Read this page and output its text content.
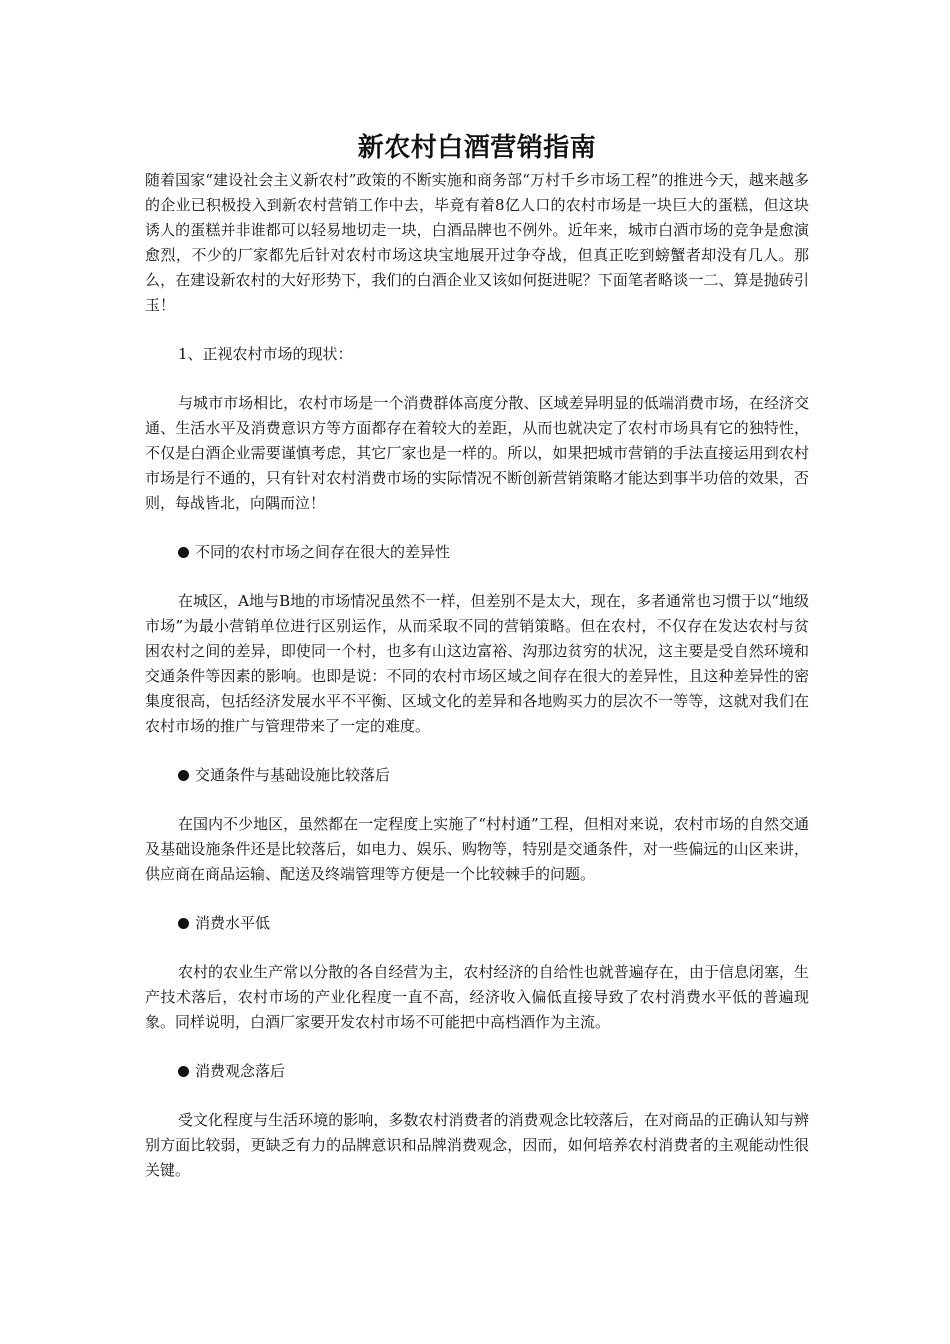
新农村白酒营销指南

随着国家“建设社会主义新农村”政策的不断实施和商务部“万村千乡市场工程”的推进今天，越来越多的企业已积极投入到新农村营销工作中去，毕竟有着8亿人口的农村市场是一块巨大的蛋糕，但这块诱人的蛋糕并非谁都可以轻易地切走一块，白酒品牌也不例外。近年来，城市白酒市场的竞争是愈演愈烈，不少的厂家都先后针对农村市场这块宝地展开过争夺战，但真正吃到螃蟹者却没有几人。那么，在建设新农村的大好形势下，我们的白酒企业又该如何挺进呢？下面笔者略谈一二、算是抛砖引玉！

1、正视农村市场的现状：

与城市市场相比，农村市场是一个消费群体高度分散、区域差异明显的低端消费市场，在经济交通、生活水平及消费意识方等方面都存在着较大的差距，从而也就决定了农村市场具有它的独特性，不仅是白酒企业需要谨慎考虑，其它厂家也是一样的。所以，如果把城市营销的手法直接运用到农村市场是行不通的，只有针对农村消费市场的实际情况不断创新营销策略才能达到事半功倍的效果，否则，每战皆北，向隅而泣！

不同的农村市场之间存在很大的差异性

在城区，A地与B地的市场情况虽然不一样，但差别不是太大，现在，多者通常也习惯于以“地级市场”为最小营销单位进行区别运作，从而采取不同的营销策略。但在农村，不仅存在发达农村与贫困农村之间的差异，即使同一个村，也多有山这边富裕、沟那边贫穷的状况，这主要是受自然环境和交通条件等因素的影响。也即是说：不同的农村市场区域之间存在很大的差异性，且这种差异性的密集度很高，包括经济发展水平不平衡、区域文化的差异和各地购买力的层次不一等等，这就对我们在农村市场的推广与管理带来了一定的难度。

交通条件与基础设施比较落后

在国内不少地区，虽然都在一定程度上实施了“村村通”工程，但相对来说，农村市场的自然交通及基础设施条件还是比较落后，如电力、娱乐、购物等，特别是交通条件，对一些偏远的山区来讲，供应商在商品运输、配送及终端管理等方便是一个比较棘手的问题。

消费水平低

农村的农业生产常以分散的各自经营为主，农村经济的自给性也就普遍存在，由于信息闭塞，生产技术落后，农村市场的产业化程度一直不高，经济收入偏低直接导致了农村消费水平低的普遍现象。同样说明，白酒厂家要开发农村市场不可能把中高档酒作为主流。

消费观念落后

受文化程度与生活环境的影响，多数农村消费者的消费观念比较落后，在对商品的正确认知与辨别方面比较弱，更缺乏有力的品牌意识和品牌消费观念，因而，如何培养农村消费者的主观能动性很关键。
